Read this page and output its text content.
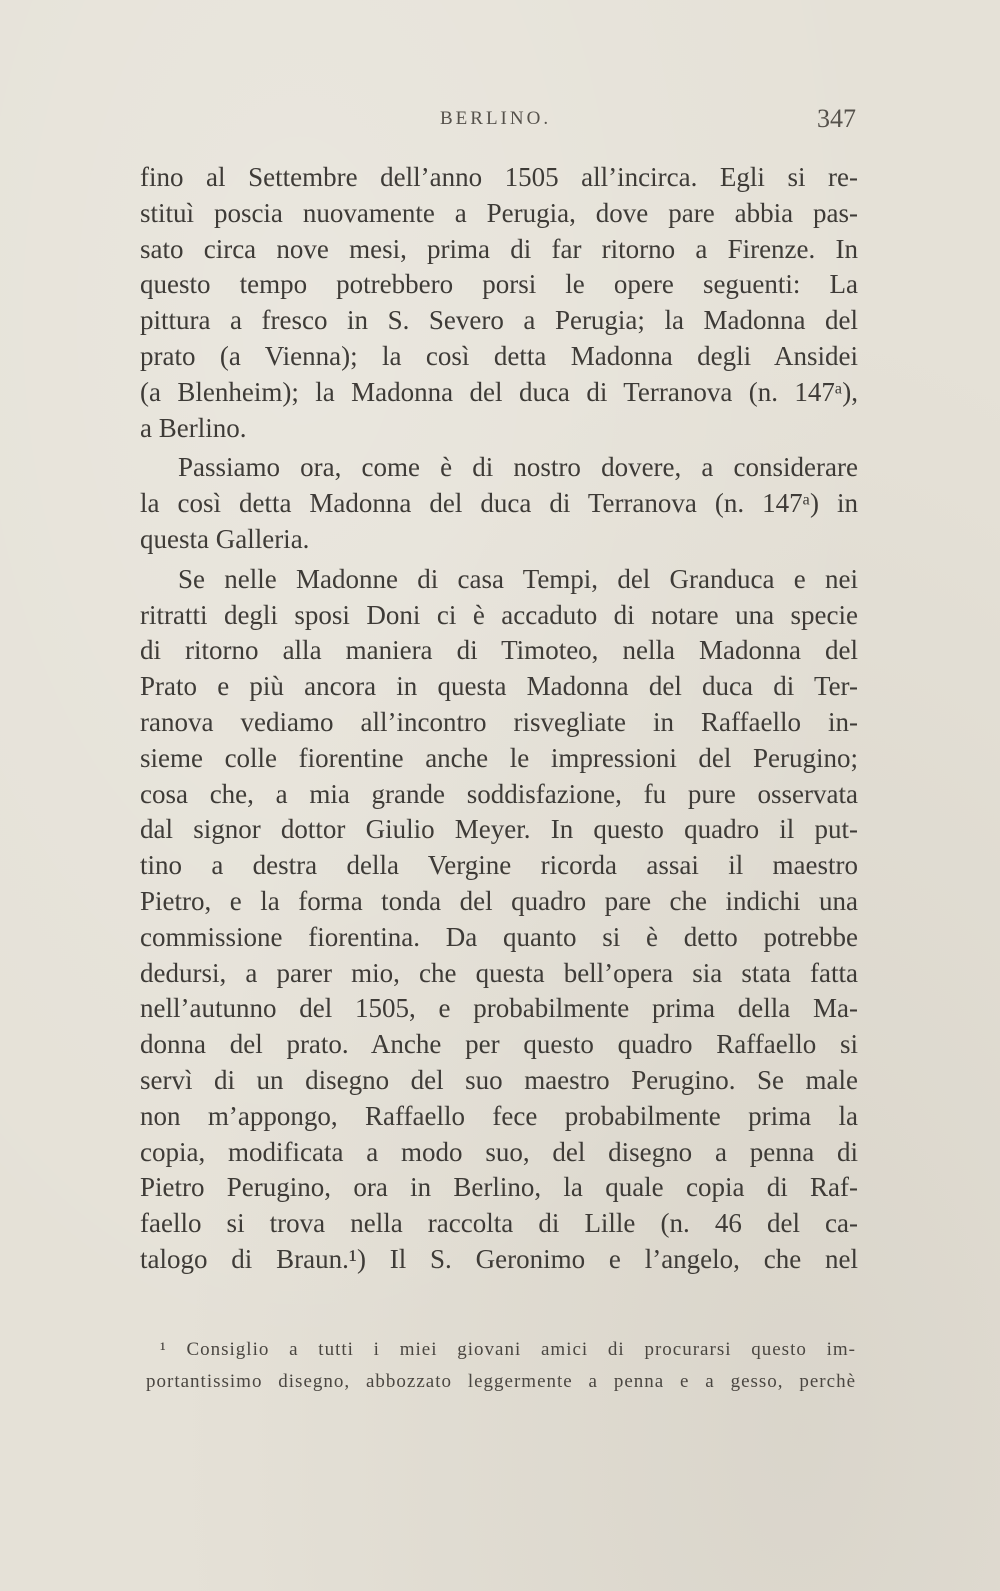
BERLINO.	347
fino al Settembre dell’anno 1505 all’incirca. Egli si re-
stituì poscia nuovamente a Perugia, dove pare abbia pas-
sato circa nove mesi, prima di far ritorno a Firenze. In
questo tempo potrebbero porsi le opere seguenti: La
pittura a fresco in S. Severo a Perugia; la Madonna del
prato (a Vienna); la così detta Madonna degli Ansidei
(a Blenheim); la Madonna del duca di Terranova (n. 147ᵃ),
a Berlino.
Passiamo ora, come è di nostro dovere, a considerare
la così detta Madonna del duca di Terranova (n. 147ᵃ) in
questa Galleria.
Se nelle Madonne di casa Tempi, del Granduca e nei
ritratti degli sposi Doni ci è accaduto di notare una specie
di ritorno alla maniera di Timoteo, nella Madonna del
Prato e più ancora in questa Madonna del duca di Ter-
ranova vediamo all’incontro risvegliate in Raffaello in-
sieme colle fiorentine anche le impressioni del Perugino;
cosa che, a mia grande soddisfazione, fu pure osservata
dal signor dottor Giulio Meyer. In questo quadro il put-
tino a destra della Vergine ricorda assai il maestro
Pietro, e la forma tonda del quadro pare che indichi una
commissione fiorentina. Da quanto si è detto potrebbe
dedursi, a parer mio, che questa bell’opera sia stata fatta
nell’autunno del 1505, e probabilmente prima della Ma-
donna del prato. Anche per questo quadro Raffaello si
servì di un disegno del suo maestro Perugino. Se male
non m’appongo, Raffaello fece probabilmente prima la
copia, modificata a modo suo, del disegno a penna di
Pietro Perugino, ora in Berlino, la quale copia di Raf-
faello si trova nella raccolta di Lille (n. 46 del ca-
talogo di Braun.¹) Il S. Geronimo e l’angelo, che nel
¹ Consiglio a tutti i miei giovani amici di procurarsi questo im-
portantissimo disegno, abbozzato leggermente a penna e a gesso, perchè
